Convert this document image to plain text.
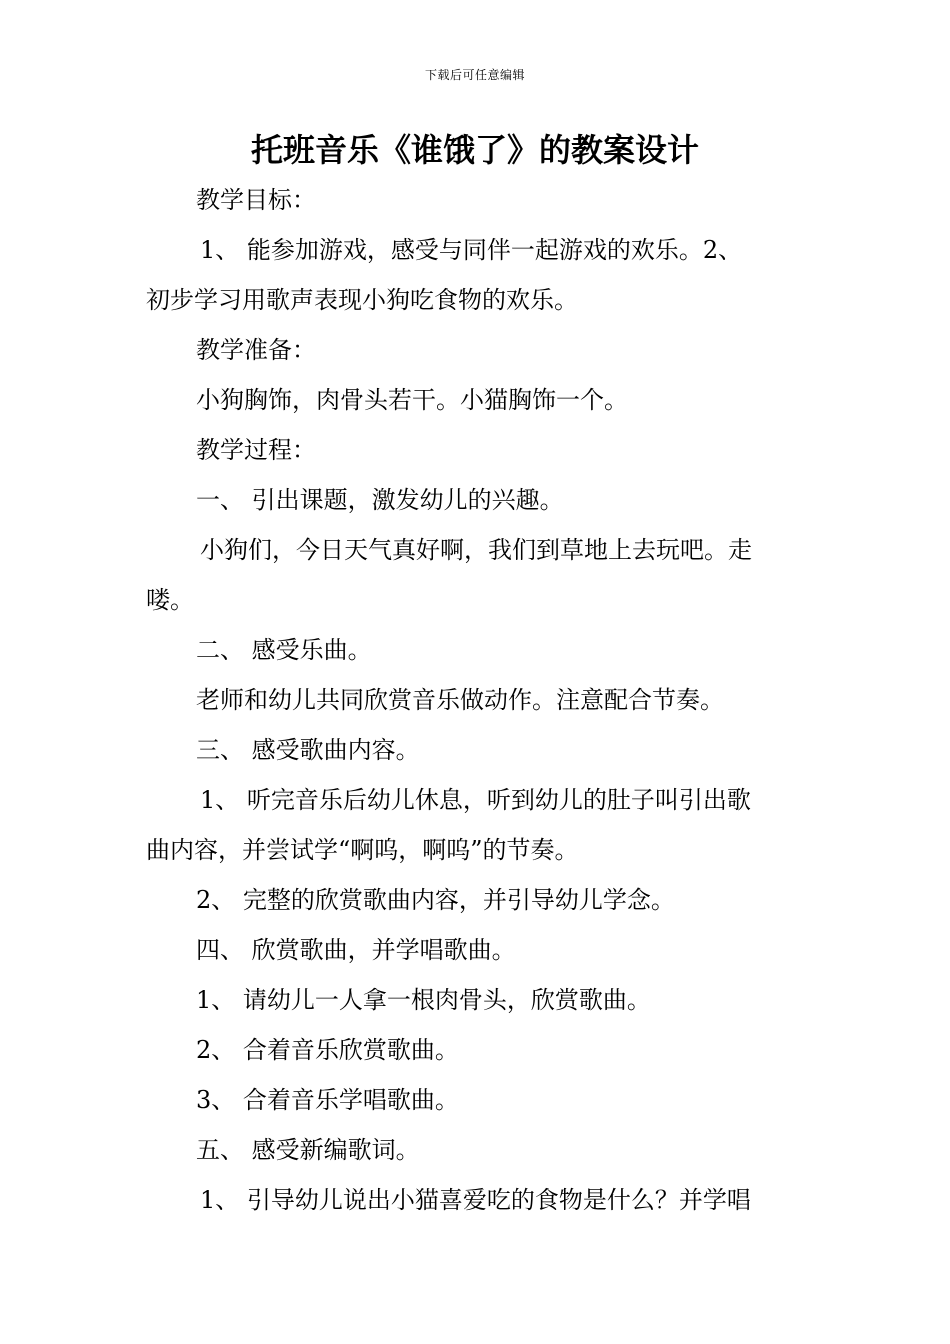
下载后可任意编辑
托班音乐《谁饿了》的教案设计
教学目标：
1、 能参加游戏，感受与同伴一起游戏的欢乐。2、
初步学习用歌声表现小狗吃食物的欢乐。
教学准备：
小狗胸饰，肉骨头若干。小猫胸饰一个。
教学过程：
一、 引出课题，激发幼儿的兴趣。
小狗们，今日天气真好啊，我们到草地上去玩吧。走
喽。
二、 感受乐曲。
老师和幼儿共同欣赏音乐做动作。注意配合节奏。
三、 感受歌曲内容。
1、 听完音乐后幼儿休息，听到幼儿的肚子叫引出歌
曲内容，并尝试学“啊呜，啊呜”的节奏。
2、 完整的欣赏歌曲内容，并引导幼儿学念。
四、 欣赏歌曲，并学唱歌曲。
1、 请幼儿一人拿一根肉骨头，欣赏歌曲。
2、 合着音乐欣赏歌曲。
3、 合着音乐学唱歌曲。
五、 感受新编歌词。
1、 引导幼儿说出小猫喜爱吃的食物是什么？并学唱
